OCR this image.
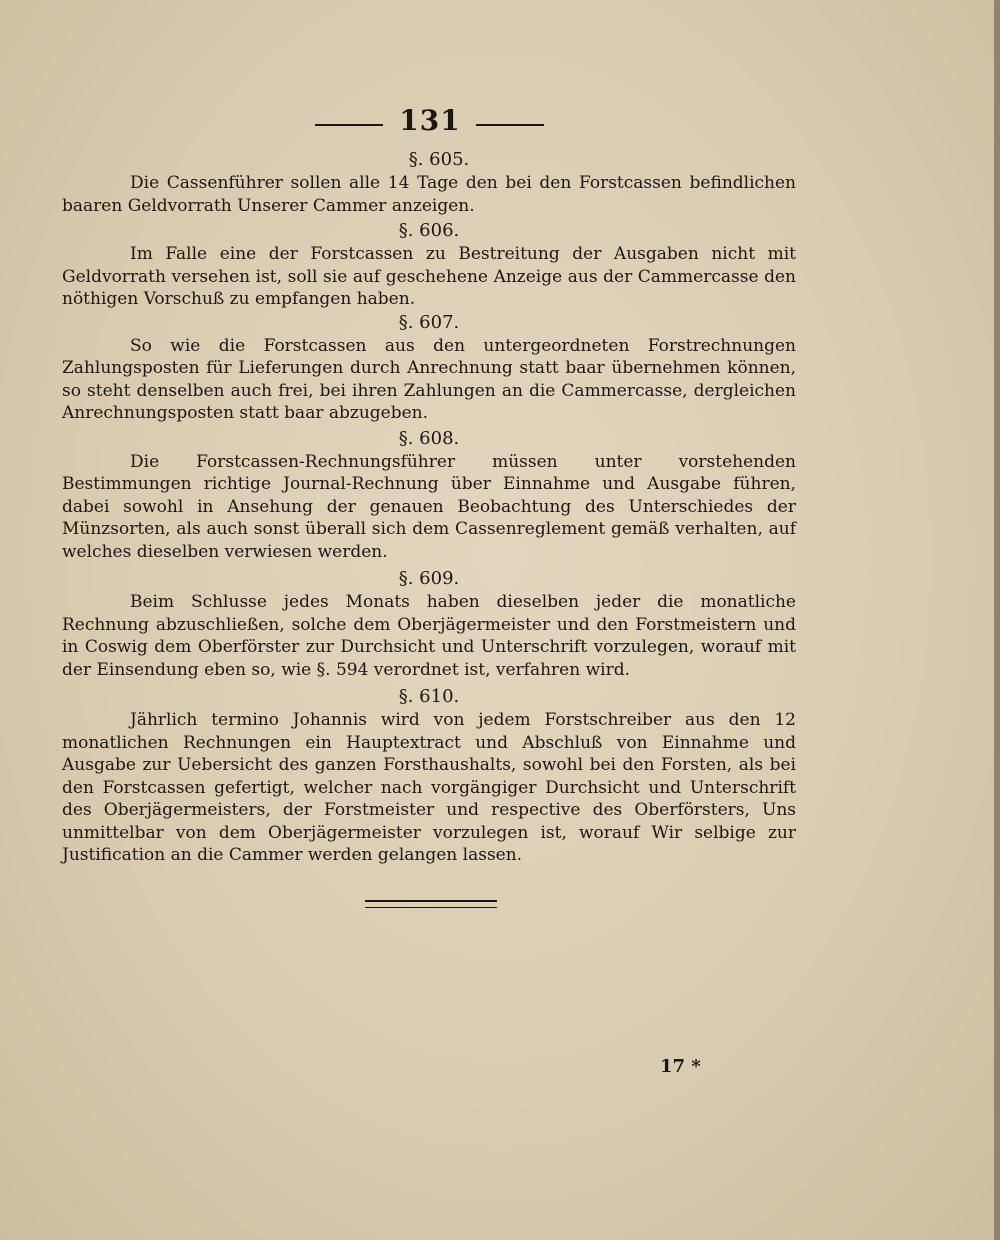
131
§. 605.

Die Cassenführer sollen alle 14 Tage den bei den Forstcassen befindlichen baaren Geldvorrath Unserer Cammer anzeigen.

§. 606.

Im Falle eine der Forstcassen zu Bestreitung der Ausgaben nicht mit Geldvorrath versehen ist, soll sie auf geschehene Anzeige aus der Cammercasse den nöthigen Vorschuß zu empfangen haben.

§. 607.

So wie die Forstcassen aus den untergeordneten Forstrechnungen Zahlungsposten für Lieferungen durch Anrechnung statt baar übernehmen können, so steht denselben auch frei, bei ihren Zahlungen an die Cammercasse, dergleichen Anrechnungsposten statt baar abzugeben.

§. 608.

Die Forstcassen-Rechnungsführer müssen unter vorstehenden Bestimmungen richtige Journal-Rechnung über Einnahme und Ausgabe führen, dabei sowohl in Ansehung der genauen Beobachtung des Unterschiedes der Münzsorten, als auch sonst überall sich dem Cassenreglement gemäß verhalten, auf welches dieselben verwiesen werden.

§. 609.

Beim Schlusse jedes Monats haben dieselben jeder die monatliche Rechnung abzuschließen, solche dem Oberjägermeister und den Forstmeistern und in Coswig dem Oberförster zur Durchsicht und Unterschrift vorzulegen, worauf mit der Einsendung eben so, wie §. 594 verordnet ist, verfahren wird.

§. 610.

Jährlich termino Johannis wird von jedem Forstschreiber aus den 12 monatlichen Rechnungen ein Hauptextract und Abschluß von Einnahme und Ausgabe zur Uebersicht des ganzen Forsthaushalts, sowohl bei den Forsten, als bei den Forstcassen gefertigt, welcher nach vorgängiger Durchsicht und Unterschrift des Oberjägermeisters, der Forstmeister und respective des Oberförsters, Uns unmittelbar von dem Oberjägermeister vorzulegen ist, worauf Wir selbige zur Justification an die Cammer werden gelangen lassen.

17 *
